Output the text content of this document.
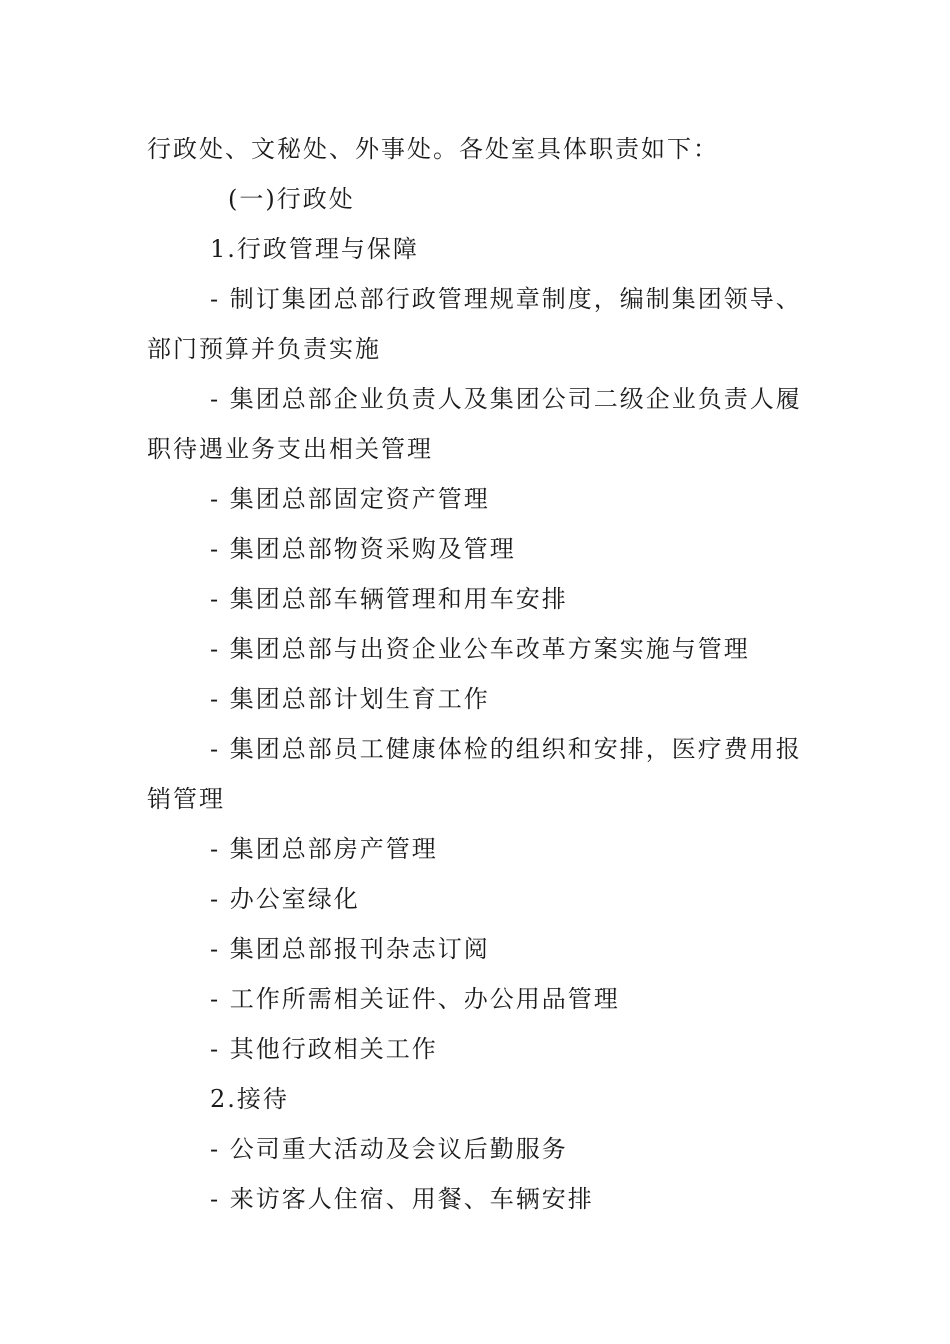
行政处、文秘处、外事处。各处室具体职责如下：
(一)行政处
1.行政管理与保障
- 制订集团总部行政管理规章制度，编制集团领导、
部门预算并负责实施
- 集团总部企业负责人及集团公司二级企业负责人履
职待遇业务支出相关管理
- 集团总部固定资产管理
- 集团总部物资采购及管理
- 集团总部车辆管理和用车安排
- 集团总部与出资企业公车改革方案实施与管理
- 集团总部计划生育工作
- 集团总部员工健康体检的组织和安排，医疗费用报
销管理
- 集团总部房产管理
- 办公室绿化
- 集团总部报刊杂志订阅
- 工作所需相关证件、办公用品管理
- 其他行政相关工作
2.接待
- 公司重大活动及会议后勤服务
- 来访客人住宿、用餐、车辆安排
